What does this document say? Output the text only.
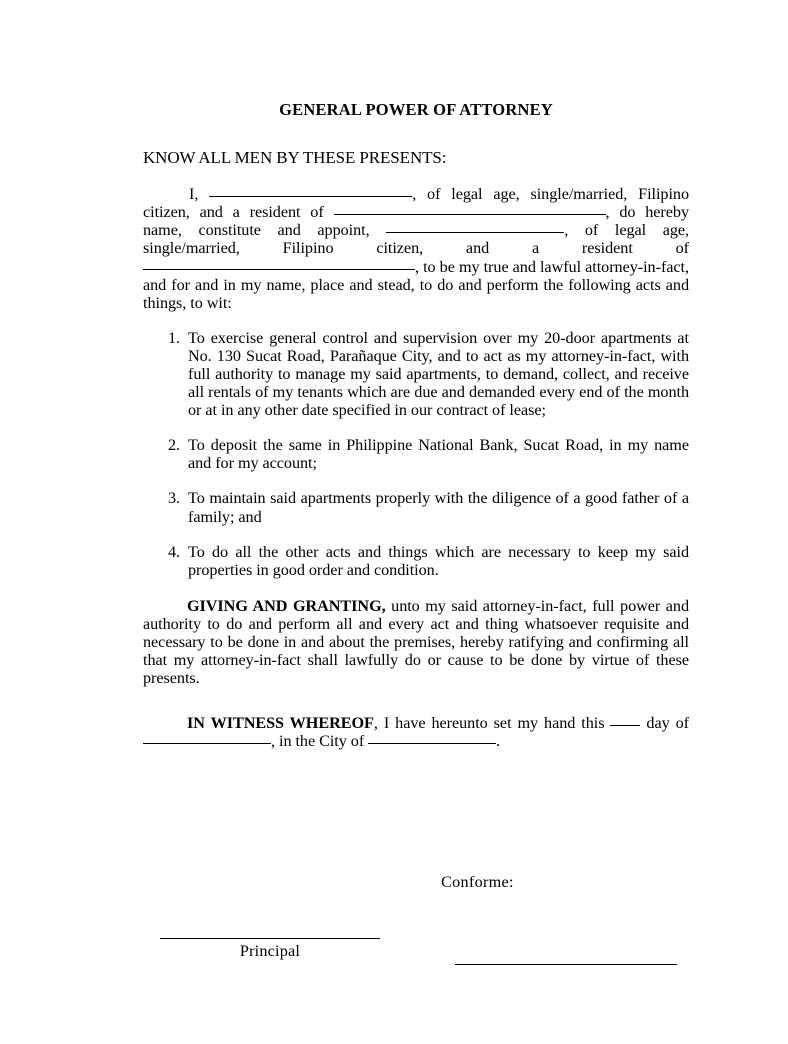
GENERAL POWER OF ATTORNEY

KNOW ALL MEN BY THESE PRESENTS:

I,	, of legal age, single/married, Filipino citizen, and a resident of	, do hereby name, constitute and appoint,	, of legal age, single/married, Filipino citizen, and a resident of , to be my true and lawful attorney-in-fact, and for and in my name, place and stead, to do and perform the following acts and things, to wit:

1. To exercise general control and supervision over my 20-door apartments at No. 130 Sucat Road, Parañaque City, and to act as my attorney-in-fact, with full authority to manage my said apartments, to demand, collect, and receive all rentals of my tenants which are due and demanded every end of the month or at in any other date specified in our contract of lease;
2. To deposit the same in Philippine National Bank, Sucat Road, in my name and for my account;
3. To maintain said apartments properly with the diligence of a good father of a family; and
4. To do all the other acts and things which are necessary to keep my said properties in good order and condition.

GIVING AND GRANTING, unto my said attorney-in-fact, full power and authority to do and perform all and every act and thing whatsoever requisite and necessary to be done in and about the premises, hereby ratifying and confirming all that my attorney-in-fact shall lawfully do or cause to be done by virtue of these presents.

IN WITNESS WHEREOF, I have hereunto set my hand this  day of , in the City of	.

Conforme:

Principal
